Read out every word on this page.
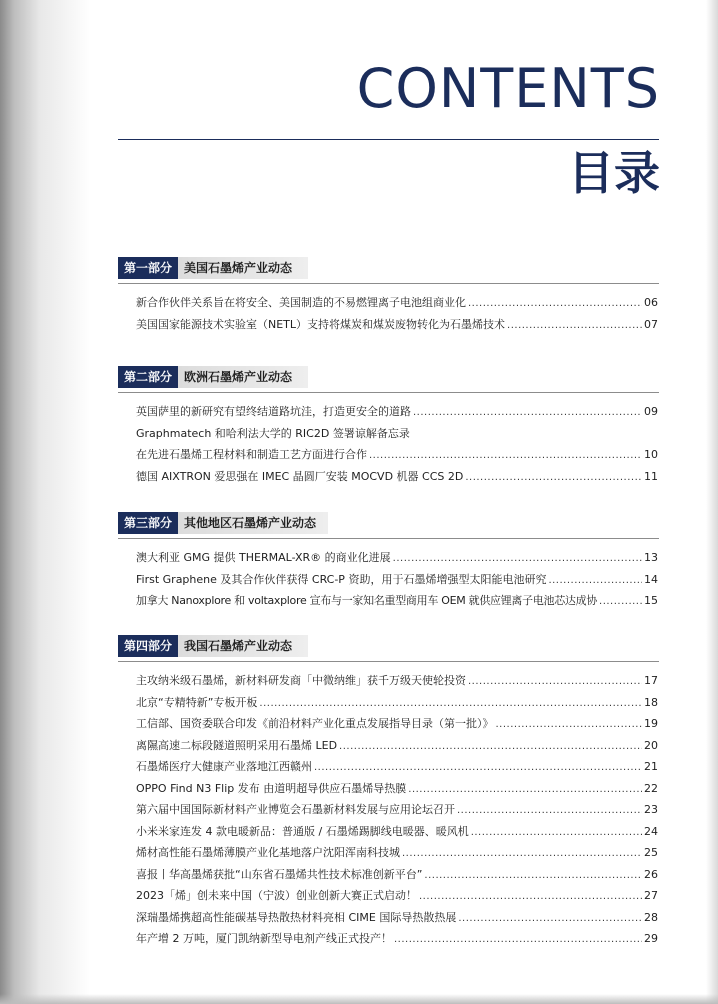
CONTENTS
目录
第一部分	美国石墨烯产业动态
新合作伙伴关系旨在将安全、美国制造的不易燃锂离子电池组商业化 .....	06
美国国家能源技术实验室（NETL）支持将煤炭和煤炭废物转化为石墨烯技术 .....	07
第二部分	欧洲石墨烯产业动态
英国萨里的新研究有望终结道路坑洼，打造更安全的道路 .....	09
Graphmatech 和哈利法大学的 RIC2D 签署谅解备忘录
在先进石墨烯工程材料和制造工艺方面进行合作 .....	10
德国 AIXTRON 爱思强在 IMEC 晶圆厂安装 MOCVD 机器 CCS 2D .....	11
第三部分	其他地区石墨烯产业动态
澳大利亚 GMG 提供 THERMAL-XR® 的商业化进展 .....	13
First Graphene 及其合作伙伴获得 CRC-P 资助，用于石墨烯增强型太阳能电池研究 .....	14
加拿大 Nanoxplore 和 voltaxplore 宣布与一家知名重型商用车 OEM 就供应锂离子电池芯达成协 .....	15
第四部分	我国石墨烯产业动态
主攻纳米级石墨烯，新材料研发商「中微纳维」获千万级天使轮投资 .....	17
北京“专精特新”专板开板 .....	18
工信部、国资委联合印发《前沿材料产业化重点发展指导目录（第一批）》 .....	19
离隰高速二标段隧道照明采用石墨烯 LED .....	20
石墨烯医疗大健康产业落地江西赣州 .....	21
OPPO Find N3 Flip 发布 由道明超导供应石墨烯导热膜 .....	22
第六届中国国际新材料产业博览会石墨新材料发展与应用论坛召开 .....	23
小米米家连发 4 款电暖新品：普通版 / 石墨烯踢脚线电暖器、暖风机 .....	24
烯材高性能石墨烯薄膜产业化基地落户沈阳浑南科技城 .....	25
喜报丨华高墨烯获批“山东省石墨烯共性技术标准创新平台” .....	26
2023「烯」创未来中国（宁波）创业创新大赛正式启动！ .....	27
深瑞墨烯携超高性能碳基导热散热材料亮相 CIME 国际导热散热展 .....	28
年产增 2 万吨，厦门凯纳新型导电剂产线正式投产！ .....	29
